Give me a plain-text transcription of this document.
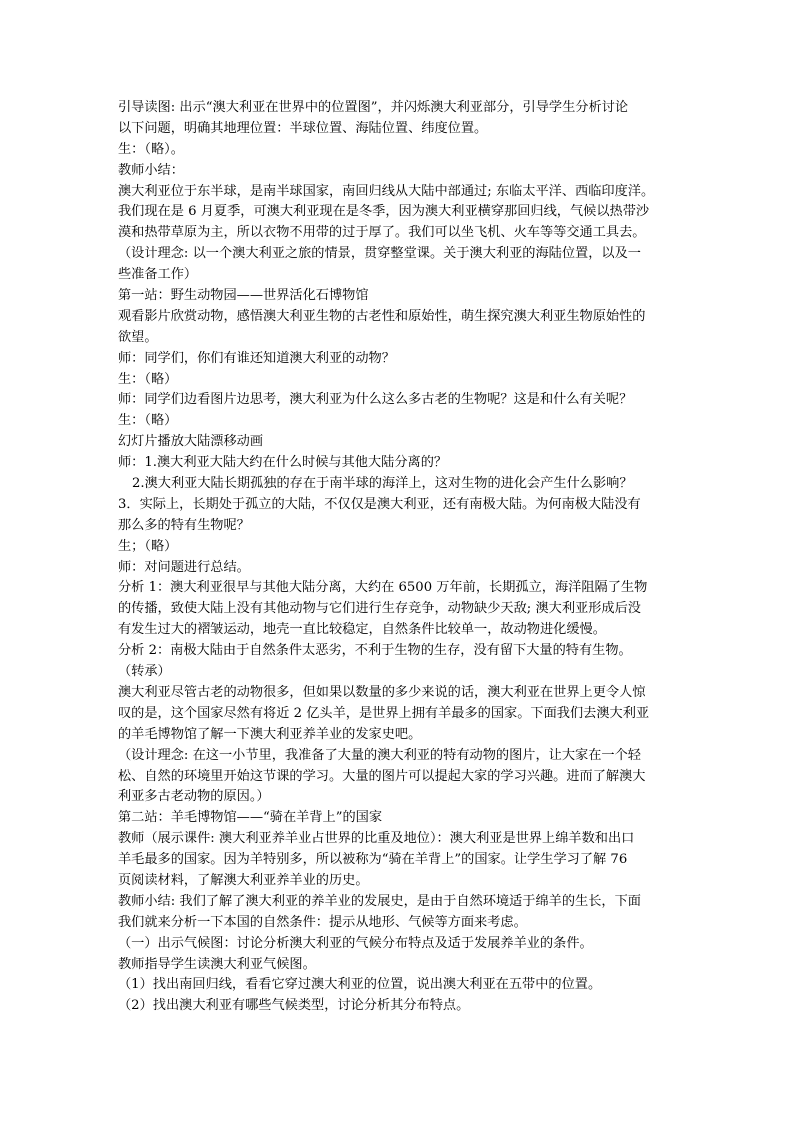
引导读图: 出示“澳大利亚在世界中的位置图”，并闪烁澳大利亚部分，引导学生分析讨论
以下问题，明确其地理位置：半球位置、海陆位置、纬度位置。
生：（略）。
教师小结：
澳大利亚位于东半球，是南半球国家，南回归线从大陆中部通过; 东临太平洋、西临印度洋。
我们现在是 6 月夏季，可澳大利亚现在是冬季，因为澳大利亚横穿那回归线，气候以热带沙
漠和热带草原为主，所以衣物不用带的过于厚了。我们可以坐飞机、火车等等交通工具去。
（设计理念: 以一个澳大利亚之旅的情景，贯穿整堂课。关于澳大利亚的海陆位置，以及一
些准备工作）
第一站：野生动物园——世界活化石博物馆
观看影片欣赏动物，感悟澳大利亚生物的古老性和原始性，萌生探究澳大利亚生物原始性的
欲望。
师：同学们，你们有谁还知道澳大利亚的动物？
生：（略）
师：同学们边看图片边思考，澳大利亚为什么这么多古老的生物呢？这是和什么有关呢？
生：（略）
幻灯片播放大陆漂移动画
师：1.澳大利亚大陆大约在什么时候与其他大陆分离的？
2.澳大利亚大陆长期孤独的存在于南半球的海洋上，这对生物的进化会产生什么影响？
3．实际上，长期处于孤立的大陆，不仅仅是澳大利亚，还有南极大陆。为何南极大陆没有
那么多的特有生物呢？
生；（略）
师：对问题进行总结。
分析 1：澳大利亚很早与其他大陆分离，大约在 6500 万年前，长期孤立，海洋阻隔了生物
的传播，致使大陆上没有其他动物与它们进行生存竞争，动物缺少天敌; 澳大利亚形成后没
有发生过大的褶皱运动，地壳一直比较稳定，自然条件比较单一，故动物进化缓慢。
分析 2：南极大陆由于自然条件太恶劣，不利于生物的生存，没有留下大量的特有生物。
（转承）
澳大利亚尽管古老的动物很多，但如果以数量的多少来说的话，澳大利亚在世界上更令人惊
叹的是，这个国家尽然有将近 2 亿头羊，是世界上拥有羊最多的国家。下面我们去澳大利亚
的羊毛博物馆了解一下澳大利亚养羊业的发家史吧。
（设计理念: 在这一小节里，我准备了大量的澳大利亚的特有动物的图片，让大家在一个轻
松、自然的环境里开始这节课的学习。大量的图片可以提起大家的学习兴趣。进而了解澳大
利亚多古老动物的原因。）
第二站：羊毛博物馆——“骑在羊背上”的国家
教师（展示课件: 澳大利亚养羊业占世界的比重及地位）：澳大利亚是世界上绵羊数和出口
羊毛最多的国家。因为羊特别多，所以被称为“骑在羊背上”的国家。让学生学习了解 76
页阅读材料，了解澳大利亚养羊业的历史。
教师小结: 我们了解了澳大利亚的养羊业的发展史，是由于自然环境适于绵羊的生长，下面
我们就来分析一下本国的自然条件：提示从地形、气候等方面来考虑。
（一）出示气候图：讨论分析澳大利亚的气候分布特点及适于发展养羊业的条件。
教师指导学生读澳大利亚气候图。
（1）找出南回归线，看看它穿过澳大利亚的位置，说出澳大利亚在五带中的位置。
（2）找出澳大利亚有哪些气候类型，讨论分析其分布特点。
